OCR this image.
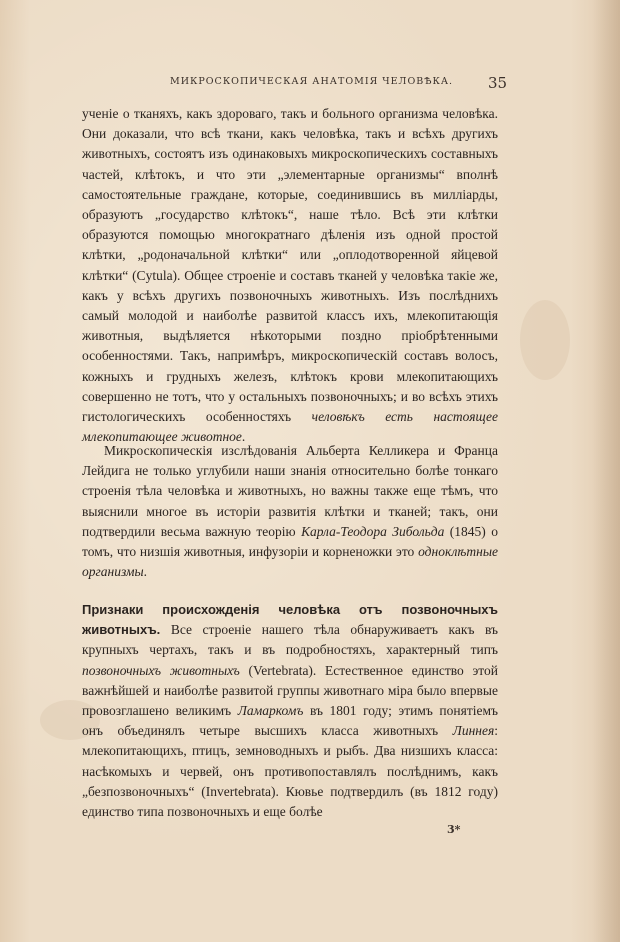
МИКРОСКОПИЧЕСКАЯ АНАТОМІЯ ЧЕЛОВѢКА. 35
ученіе о тканяхъ, какъ здороваго, такъ и больного организма человѣка. Они доказали, что всѣ ткани, какъ человѣка, такъ и всѣхъ другихъ животныхъ, состоятъ изъ одинаковыхъ микроскопическихъ составныхъ частей, клѣтокъ, и что эти „элементарные организмы“ вполнѣ самостоятельные граждане, которые, соединившись въ милліарды, образуютъ „государство клѣтокъ“, наше тѣло. Всѣ эти клѣтки образуются помощью многократнаго дѣленія изъ одной простой клѣтки, „родоначальной клѣтки“ или „оплодотворенной яйцевой клѣтки“ (Cytula). Общее строеніе и составъ тканей у человѣка такіе же, какъ у всѣхъ другихъ позвоночныхъ животныхъ. Изъ послѣднихъ самый молодой и наиболѣе развитой классъ ихъ, млекопитающія животныя, выдѣляется нѣкоторыми поздно пріобрѣтенными особенностями. Такъ, напримѣръ, микроскопическій составъ волосъ, кожныхъ и грудныхъ железъ, клѣтокъ крови млекопитающихъ совершенно не тотъ, что у остальныхъ позвоночныхъ; и во всѣхъ этихъ гистологическихъ особенностяхъ человѣкъ есть настоящее млекопитающее животное.
Микроскопическія изслѣдованія Альберта Келликера и Франца Лейдига не только углубили наши знанія относительно болѣе тонкаго строенія тѣла человѣка и животныхъ, но важны также еще тѣмъ, что выяснили многое въ исторіи развитія клѣтки и тканей; такъ, они подтвердили весьма важную теорію Карла-Теодора Зибольда (1845) о томъ, что низшія животныя, инфузоріи и корненожки это одноклѣтные организмы.
Признаки происхожденія человѣка отъ позвоночныхъ животныхъ. Все строеніе нашего тѣла обнаруживаетъ какъ въ крупныхъ чертахъ, такъ и въ подробностяхъ, характерный типъ позвоночныхъ животныхъ (Vertebrata). Естественное единство этой важнѣйшей и наиболѣе развитой группы животнаго міра было впервые провозглашено великимъ Ламаркомъ въ 1801 году; этимъ понятіемъ онъ объединялъ четыре высшихъ класса животныхъ Линнея: млекопитающихъ, птицъ, земноводныхъ и рыбъ. Два низшихъ класса: насѣкомыхъ и червей, онъ противопоставлялъ послѣднимъ, какъ „безпозвоночныхъ“ (Invertebrata). Кювье подтвердилъ (въ 1812 году) единство типа позвоночныхъ и еще болѣе
3*
